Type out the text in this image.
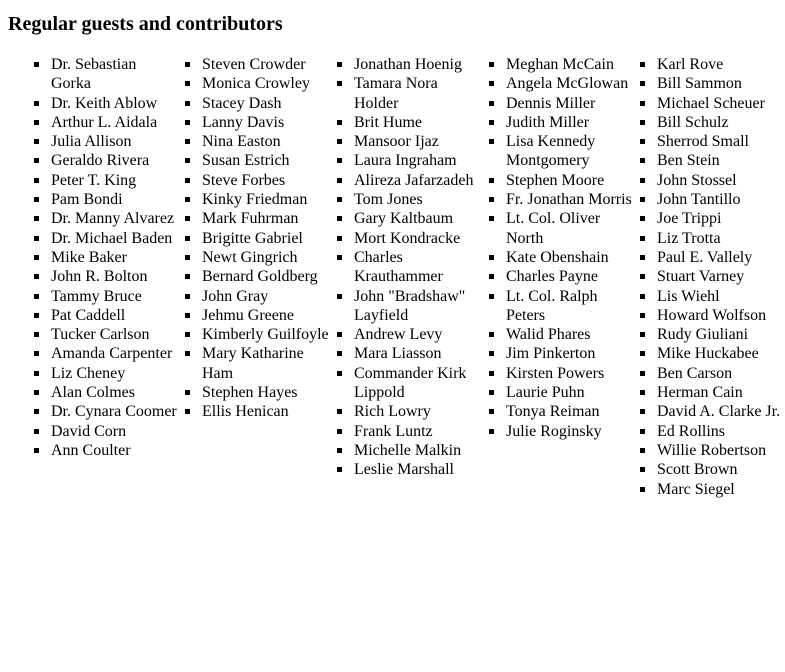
Regular guests and contributors
Dr. Sebastian Gorka
Dr. Keith Ablow
Arthur L. Aidala
Julia Allison
Geraldo Rivera
Peter T. King
Pam Bondi
Dr. Manny Alvarez
Dr. Michael Baden
Mike Baker
John R. Bolton
Tammy Bruce
Pat Caddell
Tucker Carlson
Amanda Carpenter
Liz Cheney
Alan Colmes
Dr. Cynara Coomer
David Corn
Ann Coulter
Steven Crowder
Monica Crowley
Stacey Dash
Lanny Davis
Nina Easton
Susan Estrich
Steve Forbes
Kinky Friedman
Mark Fuhrman
Brigitte Gabriel
Newt Gingrich
Bernard Goldberg
John Gray
Jehmu Greene
Kimberly Guilfoyle
Mary Katharine Ham
Stephen Hayes
Ellis Henican
Jonathan Hoenig
Tamara Nora Holder
Brit Hume
Mansoor Ijaz
Laura Ingraham
Alireza Jafarzadeh
Tom Jones
Gary Kaltbaum
Mort Kondracke
Charles Krauthammer
John "Bradshaw" Layfield
Andrew Levy
Mara Liasson
Commander Kirk Lippold
Rich Lowry
Frank Luntz
Michelle Malkin
Leslie Marshall
Meghan McCain
Angela McGlowan
Dennis Miller
Judith Miller
Lisa Kennedy Montgomery
Stephen Moore
Fr. Jonathan Morris
Lt. Col. Oliver North
Kate Obenshain
Charles Payne
Lt. Col. Ralph Peters
Walid Phares
Jim Pinkerton
Kirsten Powers
Laurie Puhn
Tonya Reiman
Julie Roginsky
Karl Rove
Bill Sammon
Michael Scheuer
Bill Schulz
Sherrod Small
Ben Stein
John Stossel
John Tantillo
Joe Trippi
Liz Trotta
Paul E. Vallely
Stuart Varney
Lis Wiehl
Howard Wolfson
Rudy Giuliani
Mike Huckabee
Ben Carson
Herman Cain
David A. Clarke Jr.
Ed Rollins
Willie Robertson
Scott Brown
Marc Siegel
